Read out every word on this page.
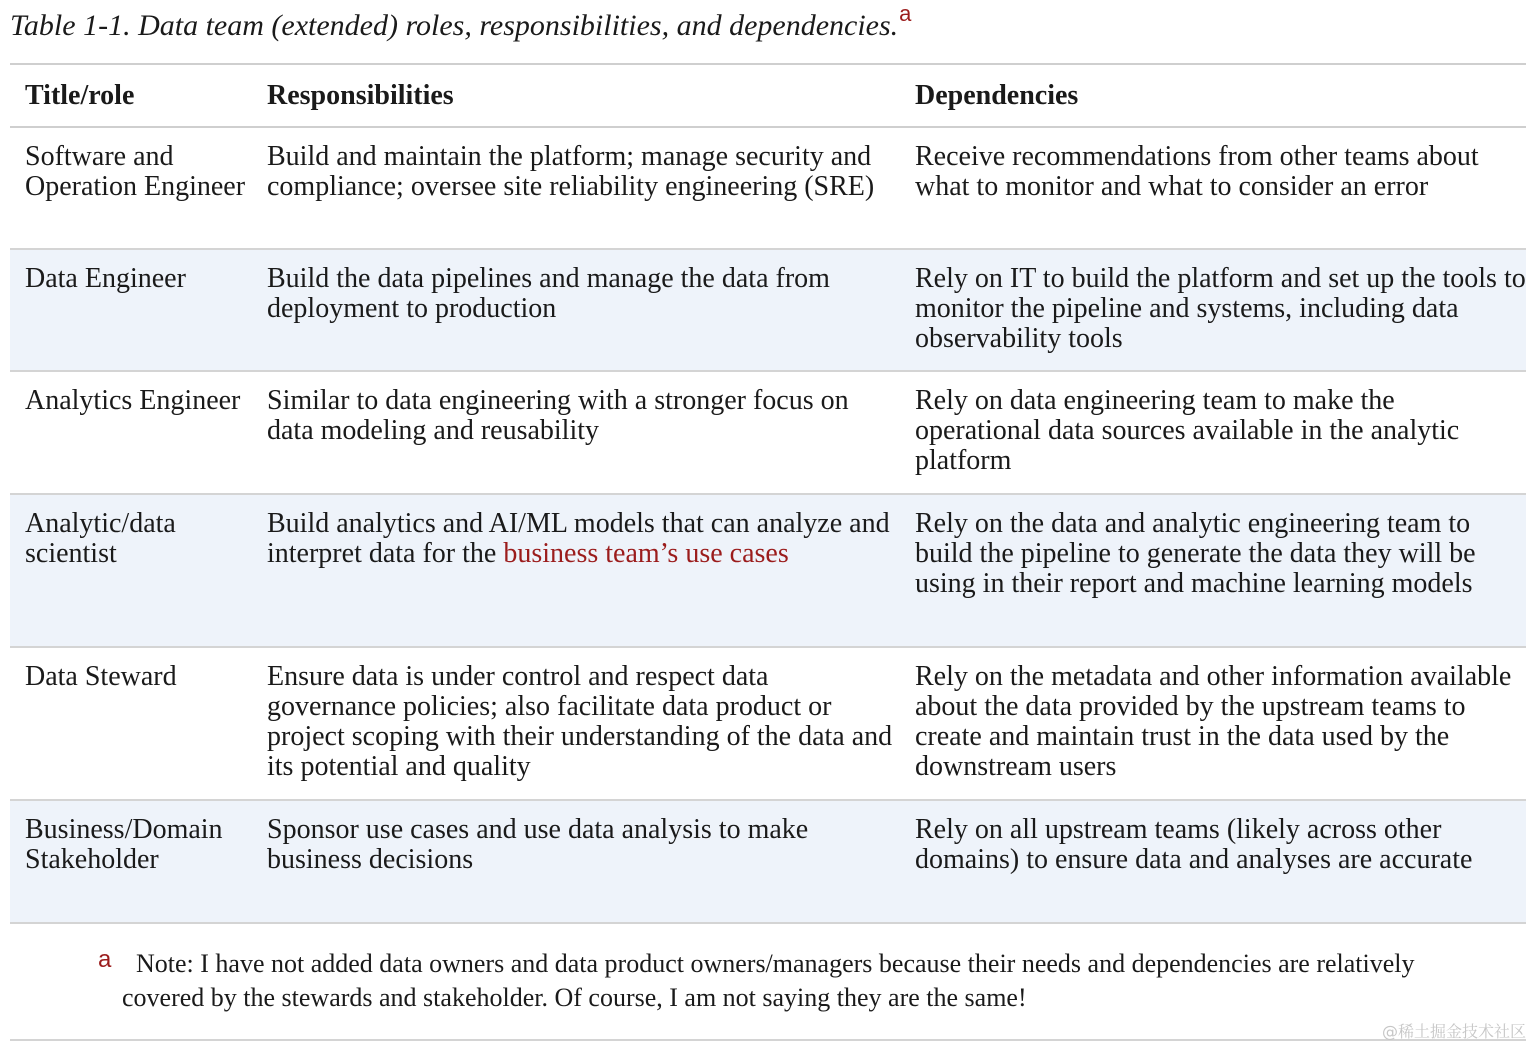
Table 1-1. Data team (extended) roles, responsibilities, and dependencies.$^a$
Title/role	Responsibilities	Dependencies
Software and Operation Engineer	Build and maintain the platform; manage security and compliance; oversee site reliability engineering (SRE)	Receive recommendations from other teams about what to monitor and what to consider an error
Data Engineer	Build the data pipelines and manage the data from deployment to production	Rely on IT to build the platform and set up the tools to monitor the pipeline and systems, including data observability tools
Analytics Engineer	Similar to data engineering with a stronger focus on data modeling and reusability	Rely on data engineering team to make the operational data sources available in the analytic platform
Analytic/data scientist	Build analytics and AI/ML models that can analyze and interpret data for the business team’s use cases	Rely on the data and analytic engineering team to build the pipeline to generate the data they will be using in their report and machine learning models
Data Steward	Ensure data is under control and respect data governance policies; also facilitate data product or project scoping with their understanding of the data and its potential and quality	Rely on the metadata and other information available about the data provided by the upstream teams to create and maintain trust in the data used by the downstream users
Business/Domain Stakeholder	Sponsor use cases and use data analysis to make business decisions	Rely on all upstream teams (likely across other domains) to ensure data and analyses are accurate
a Note: I have not added data owners and data product owners/managers because their needs and dependencies are relatively covered by the stewards and stakeholder. Of course, I am not saying they are the same!
@稀土掘金技术社区
